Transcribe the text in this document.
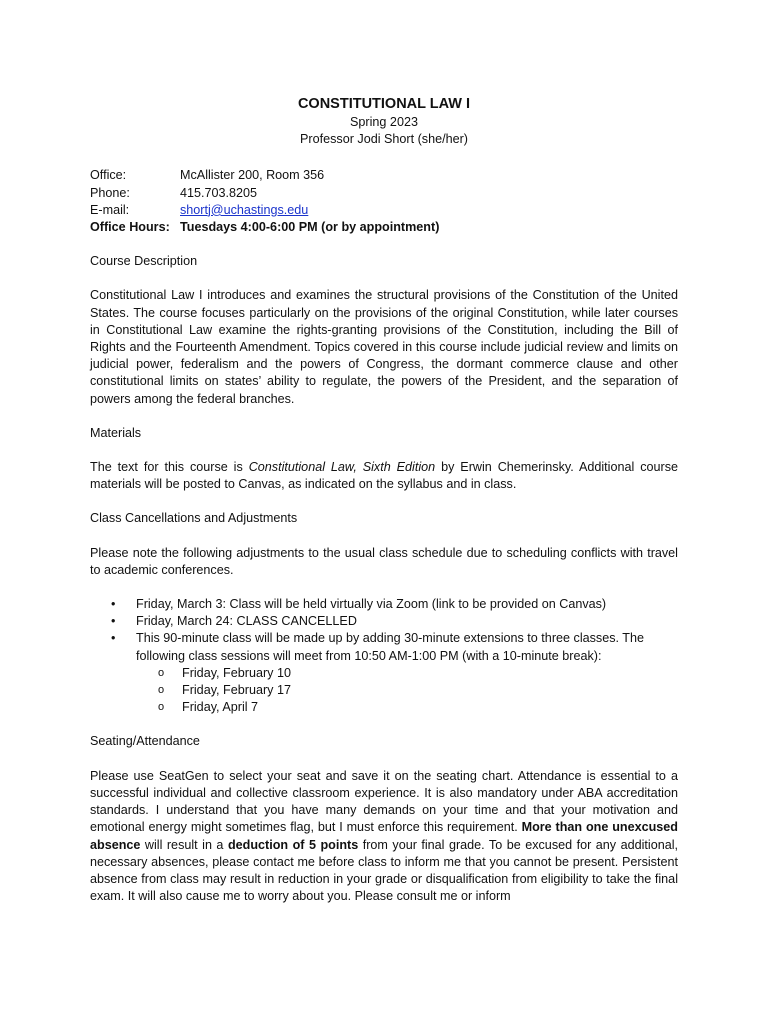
CONSTITUTIONAL LAW I
Spring 2023
Professor Jodi Short (she/her)
Office:	McAllister 200, Room 356
Phone:	415.703.8205
E-mail:	shortj@uchastings.edu
Office Hours: Tuesdays 4:00-6:00 PM (or by appointment)
Course Description

Constitutional Law I introduces and examines the structural provisions of the Constitution of the United States. The course focuses particularly on the provisions of the original Constitution, while later courses in Constitutional Law examine the rights-granting provisions of the Constitution, including the Bill of Rights and the Fourteenth Amendment. Topics covered in this course include judicial review and limits on judicial power, federalism and the powers of Congress, the dormant commerce clause and other constitutional limits on states’ ability to regulate, the powers of the President, and the separation of powers among the federal branches.

Materials

The text for this course is Constitutional Law, Sixth Edition by Erwin Chemerinsky. Additional course materials will be posted to Canvas, as indicated on the syllabus and in class.

Class Cancellations and Adjustments

Please note the following adjustments to the usual class schedule due to scheduling conflicts with travel to academic conferences.

• Friday, March 3: Class will be held virtually via Zoom (link to be provided on Canvas)
• Friday, March 24: CLASS CANCELLED
• This 90-minute class will be made up by adding 30-minute extensions to three classes. The following class sessions will meet from 10:50 AM-1:00 PM (with a 10-minute break):
o Friday, February 10
o Friday, February 17
o Friday, April 7
Seating/Attendance

Please use SeatGen to select your seat and save it on the seating chart. Attendance is essential to a successful individual and collective classroom experience. It is also mandatory under ABA accreditation standards. I understand that you have many demands on your time and that your motivation and emotional energy might sometimes flag, but I must enforce this requirement. More than one unexcused absence will result in a deduction of 5 points from your final grade. To be excused for any additional, necessary absences, please contact me before class to inform me that you cannot be present. Persistent absence from class may result in reduction in your grade or disqualification from eligibility to take the final exam. It will also cause me to worry about you. Please consult me or inform
